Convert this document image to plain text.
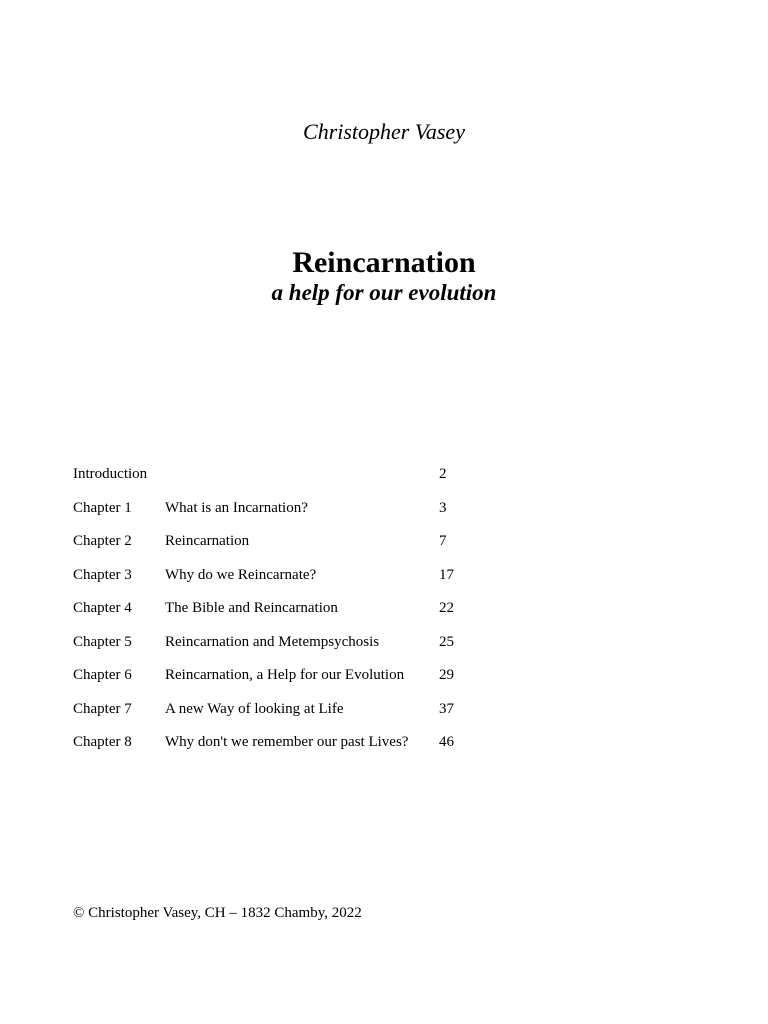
Christopher Vasey
Reincarnation
a help for our evolution
Introduction	2
Chapter 1 What is an Incarnation?	3
Chapter 2 Reincarnation	7
Chapter 3 Why do we Reincarnate?	17
Chapter 4 The Bible and Reincarnation	22
Chapter 5 Reincarnation and Metempsychosis	25
Chapter 6 Reincarnation, a Help for our Evolution 29
Chapter 7 A new Way of looking at Life	37
Chapter 8 Why don't we remember our past Lives? 46
© Christopher Vasey, CH – 1832 Chamby, 2022
